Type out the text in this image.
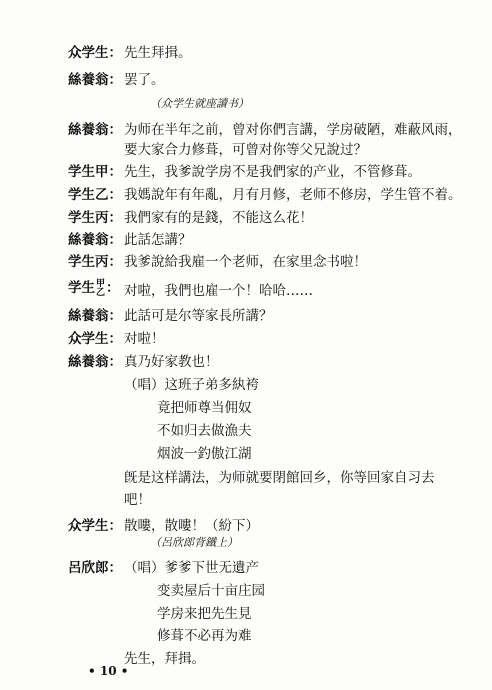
众学生： 先生拜揖。
絲養翁： 罢了。
（众学生就座讀书）
絲養翁： 为师在半年之前，曾对你們言講，学房破陋，难蔽风雨，
要大家合力修葺，可曾对你等父兄說过？
学生甲： 先生，我爹說学房不是我們家的产业，不管修葺。
学生乙： 我媽說年有年亂，月有月修，老师不修房，学生管不着。
学生丙： 我們家有的是錢，不能这么花！
絲養翁： 此話怎講？
学生丙： 我爹說給我雇一个老师，在家里念书啦！
学生 甲
乙 ： 对啦，我們也雇一个！哈哈……
絲養翁： 此話可是尔等家長所講？
众学生： 对啦！
絲養翁： 真乃好家教也！
（唱）这班子弟多紈袴
竟把师尊当佣奴
不如归去做漁夫
烟波一釣傲江湖
旣是这样講法，为师就要閉館回乡，你等回家自习去
吧！
众学生： 散嘍，散嘍！（紛下）
（呂欣郎背鐵上）
呂欣郎： （唱）爹爹下世无遺产
变卖屋后十亩庄园
学房来把先生見
修葺不必再为难
先生，拜揖。
• 10 •
